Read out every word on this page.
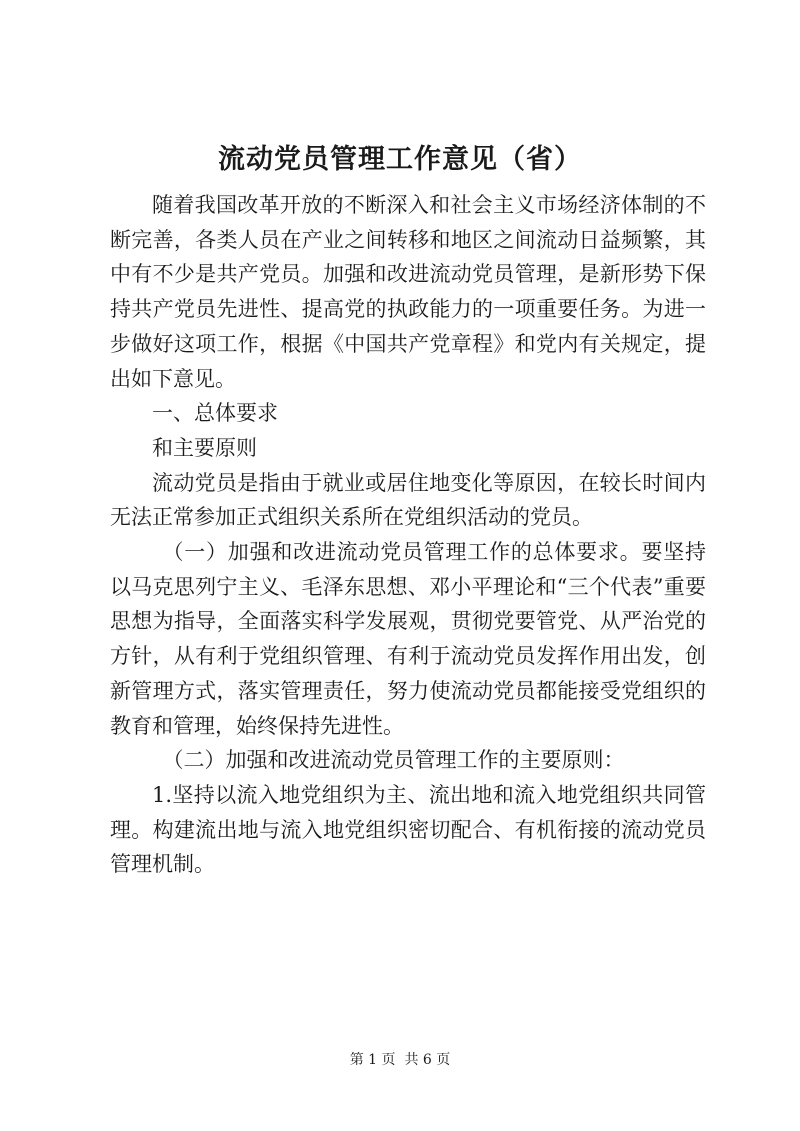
流动党员管理工作意见（省）

随着我国改革开放的不断深入和社会主义市场经济体制的不断完善，各类人员在产业之间转移和地区之间流动日益频繁，其中有不少是共产党员。加强和改进流动党员管理，是新形势下保持共产党员先进性、提高党的执政能力的一项重要任务。为进一步做好这项工作，根据《中国共产党章程》和党内有关规定，提出如下意见。

一、总体要求

和主要原则

流动党员是指由于就业或居住地变化等原因，在较长时间内无法正常参加正式组织关系所在党组织活动的党员。

（一）加强和改进流动党员管理工作的总体要求。要坚持以马克思列宁主义、毛泽东思想、邓小平理论和“三个代表”重要思想为指导，全面落实科学发展观，贯彻党要管党、从严治党的方针，从有利于党组织管理、有利于流动党员发挥作用出发，创新管理方式，落实管理责任，努力使流动党员都能接受党组织的教育和管理，始终保持先进性。

（二）加强和改进流动党员管理工作的主要原则：

1.坚持以流入地党组织为主、流出地和流入地党组织共同管理。构建流出地与流入地党组织密切配合、有机衔接的流动党员管理机制。

第 1 页 共 6 页
